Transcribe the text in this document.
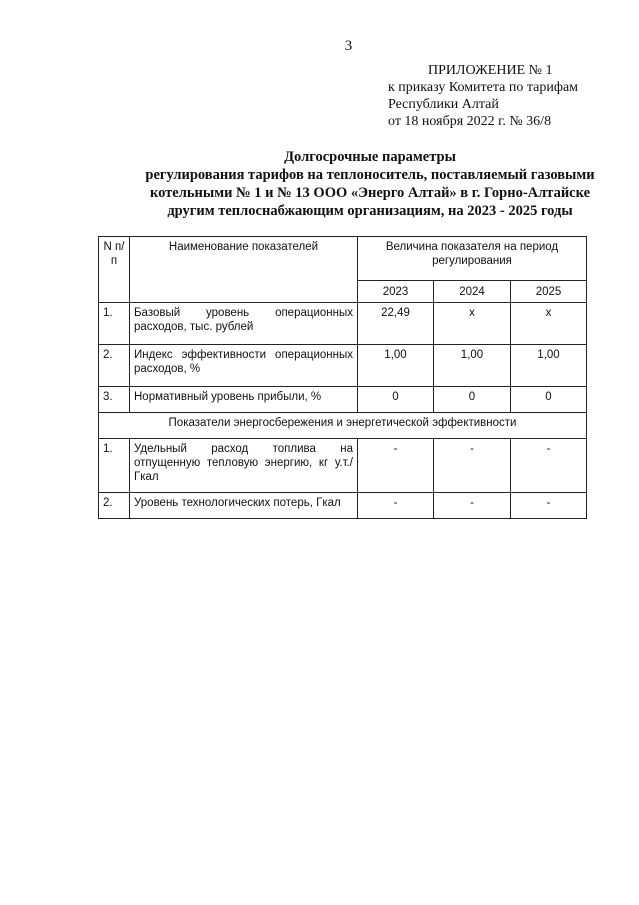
3
ПРИЛОЖЕНИЕ № 1
к приказу Комитета по тарифам
Республики Алтай
от 18 ноября 2022 г. № 36/8
Долгосрочные параметры
регулирования тарифов на теплоноситель, поставляемый газовыми
котельными № 1 и № 13 ООО «Энерго Алтай» в г. Горно-Алтайске
другим теплоснабжающим организациям, на 2023 - 2025 годы
N п/п	Наименование показателей	Величина показателя на период регулирования		
		2023	2024	2025
1.	Базовый уровень операционных расходов, тыс. рублей	22,49	х	х
2.	Индекс эффективности операционных расходов, %	1,00	1,00	1,00
3.	Нормативный уровень прибыли, %	0	0	0
Показатели энергосбережения и энергетической эффективности				
1.	Удельный расход топлива на отпущенную тепловую энергию, кг у.т./Гкал	-	-	-
2.	Уровень технологических потерь, Гкал	-	-	-
